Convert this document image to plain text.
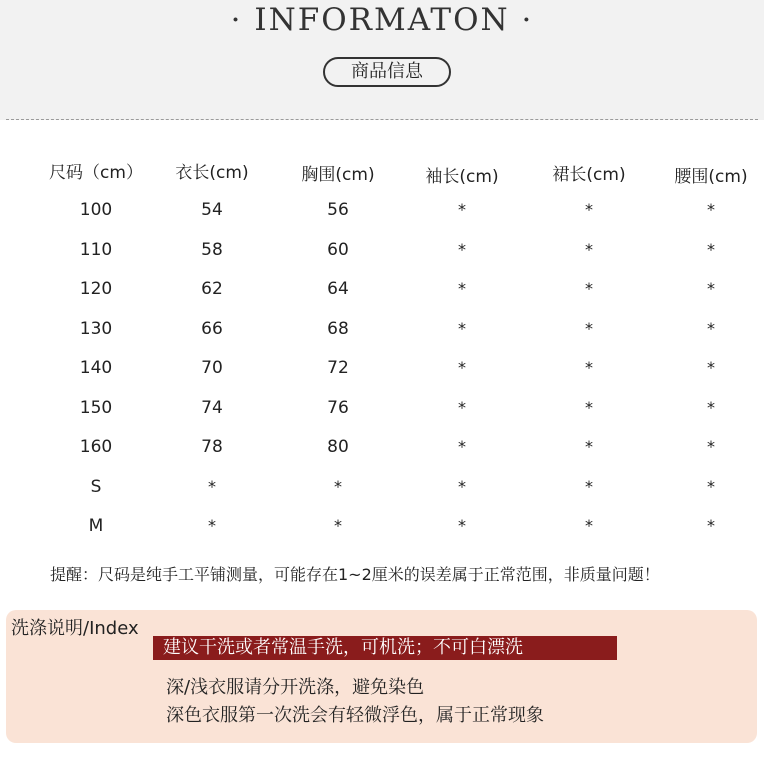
· INFORMATON ·
商品信息
尺码（cm） 衣长(cm)	胸围(cm)	袖长(cm)	裙长(cm)	腰围(cm)
100	54	56	*	*	*
110	58	60	*	*	*
120	62	64	*	*	*
130	66	68	*	*	*
140	70	72	*	*	*
150	74	76	*	*	*
160	78	80	*	*	*
S	*	*	*	*	*
M	*	*	*	*	*
提醒：尺码是纯手工平铺测量，可能存在1~2厘米的误差属于正常范围，非质量问题！
洗涤说明/Index
建议干洗或者常温手洗，可机洗；不可白漂洗
深/浅衣服请分开洗涤，避免染色
深色衣服第一次洗会有轻微浮色，属于正常现象
